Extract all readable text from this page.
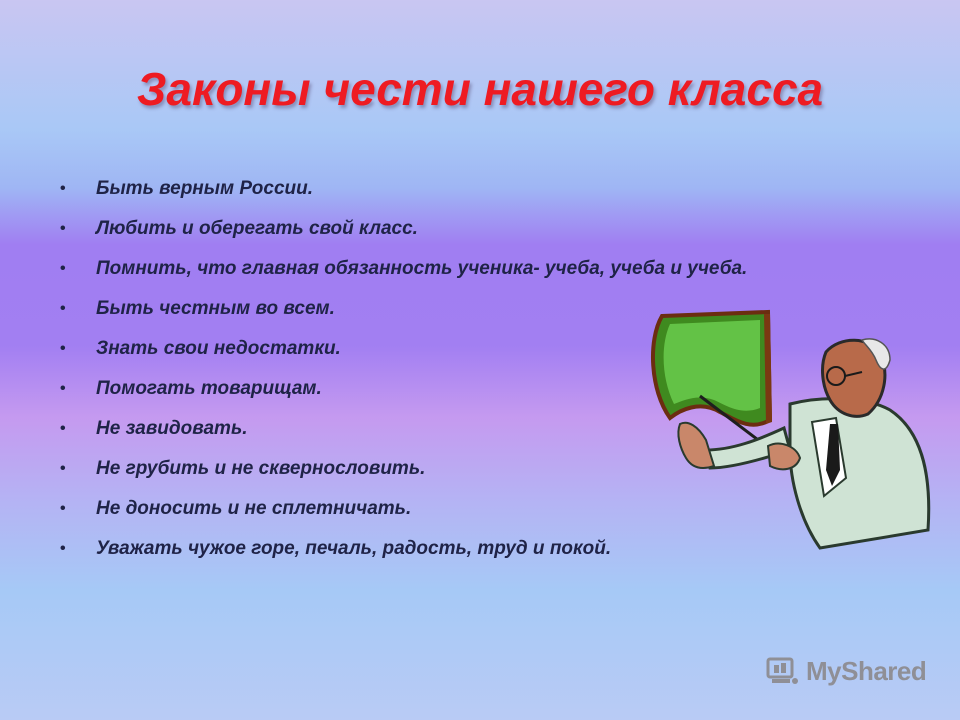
Законы чести нашего класса
• Быть верным России.
• Любить и оберегать свой класс.
• Помнить, что главная обязанность ученика- учеба, учеба и учеба.
• Быть честным во всем.
• Знать свои недостатки.
• Помогать товарищам.
• Не завидовать.
• Не грубить и не сквернословить.
• Не доносить и не сплетничать.
• Уважать чужое горе, печаль, радость, труд и покой.
MyShared
